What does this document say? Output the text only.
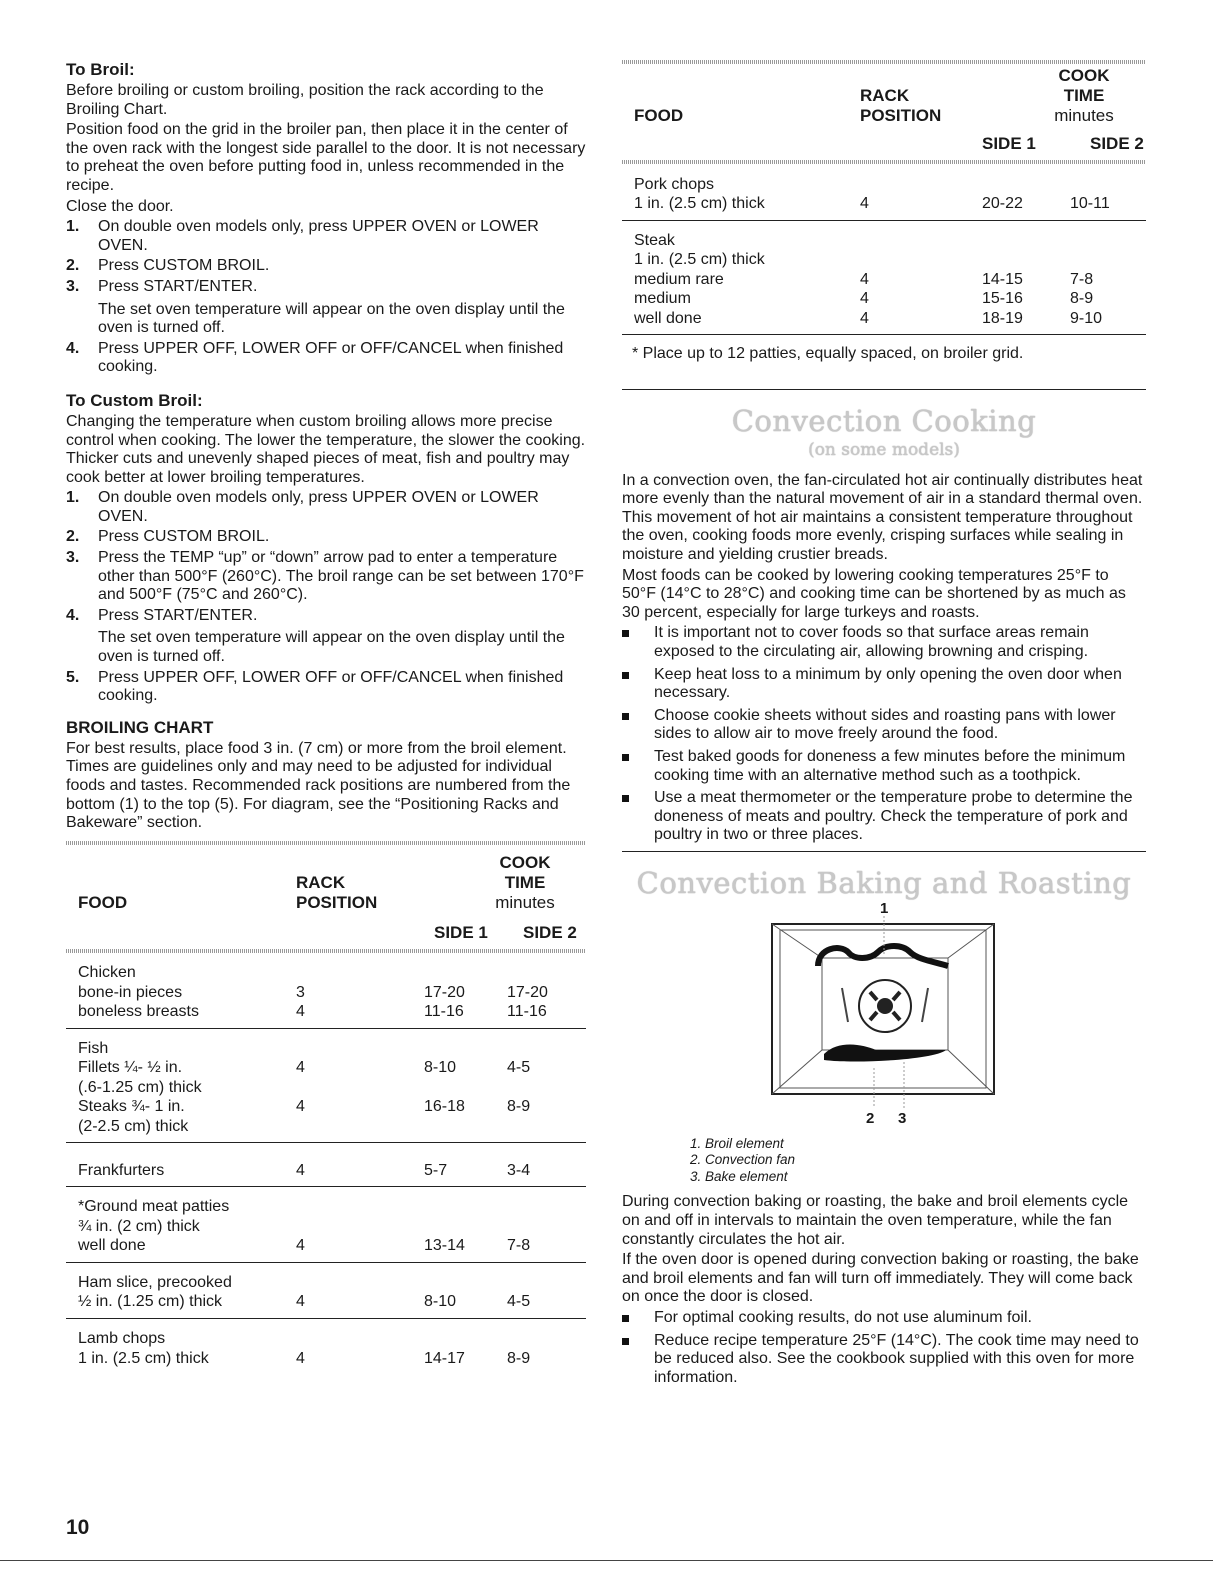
To Broil:

Before broiling or custom broiling, position the rack according to the Broiling Chart.

Position food on the grid in the broiler pan, then place it in the center of the oven rack with the longest side parallel to the door. It is not necessary to preheat the oven before putting food in, unless recommended in the recipe.

Close the door.

1. On double oven models only, press UPPER OVEN or LOWER OVEN.
2. Press CUSTOM BROIL.
3. Press START/ENTER.
The set oven temperature will appear on the oven display until the oven is turned off.
4. Press UPPER OFF, LOWER OFF or OFF/CANCEL when finished cooking.
To Custom Broil:

Changing the temperature when custom broiling allows more precise control when cooking. The lower the temperature, the slower the cooking. Thicker cuts and unevenly shaped pieces of meat, fish and poultry may cook better at lower broiling temperatures.

1. On double oven models only, press UPPER OVEN or LOWER OVEN.
2. Press CUSTOM BROIL.
3. Press the TEMP “up” or “down” arrow pad to enter a temperature other than 500°F (260°C). The broil range can be set between 170°F and 500°F (75°C and 260°C).
4. Press START/ENTER.
The set oven temperature will appear on the oven display until the oven is turned off.
5. Press UPPER OFF, LOWER OFF or OFF/CANCEL when finished cooking.
BROILING CHART

For best results, place food 3 in. (7 cm) or more from the broil element. Times are guidelines only and may need to be adjusted for individual foods and tastes. Recommended rack positions are numbered from the bottom (1) to the top (5). For diagram, see the “Positioning Racks and Bakeware” section.

		COOK	
	RACK	TIME	
FOOD	POSITION	minutes	
		SIDE 1	SIDE 2

Chicken			
bone-in pieces	3	17-20	17-20
boneless breasts	4	11-16	11-16
Fish			
Fillets ¼- ½ in.	4	8-10	4-5
(.6-1.25 cm) thick			
Steaks ¾- 1 in.	4	16-18	8-9
(2-2.5 cm) thick			
Frankfurters	4	5-7	3-4
*Ground meat patties			
¾ in. (2 cm) thick			
well done	4	13-14	7-8
Ham slice, precooked			
½ in. (1.25 cm) thick	4	8-10	4-5
Lamb chops			
1 in. (2.5 cm) thick	4	14-17	8-9
		COOK	
	RACK	TIME	
FOOD	POSITION	minutes	
		SIDE 1	SIDE 2

Pork chops			
1 in. (2.5 cm) thick	4	20-22	10-11
Steak			
1 in. (2.5 cm) thick			
medium rare	4	14-15	7-8
medium	4	15-16	8-9
well done	4	18-19	9-10

* Place up to 12 patties, equally spaced, on broiler grid.

Convection Cooking
(on some models)

In a convection oven, the fan-circulated hot air continually distributes heat more evenly than the natural movement of air in a standard thermal oven. This movement of hot air maintains a consistent temperature throughout the oven, cooking foods more evenly, crisping surfaces while sealing in moisture and yielding crustier breads.

Most foods can be cooked by lowering cooking temperatures 25°F to 50°F (14°C to 28°C) and cooking time can be shortened by as much as 30 percent, especially for large turkeys and roasts.

It is important not to cover foods so that surface areas remain exposed to the circulating air, allowing browning and crisping.
Keep heat loss to a minimum by only opening the oven door when necessary.
Choose cookie sheets without sides and roasting pans with lower sides to allow air to move freely around the food.
Test baked goods for doneness a few minutes before the minimum cooking time with an alternative method such as a toothpick.
Use a meat thermometer or the temperature probe to determine the doneness of meats and poultry. Check the temperature of pork and poultry in two or three places.
Convection Baking and Roasting
1
2 3
1. Broil element
2. Convection fan
3. Bake element

During convection baking or roasting, the bake and broil elements cycle on and off in intervals to maintain the oven temperature, while the fan constantly circulates the hot air.

If the oven door is opened during convection baking or roasting, the bake and broil elements and fan will turn off immediately. They will come back on once the door is closed.

For optimal cooking results, do not use aluminum foil.
Reduce recipe temperature 25°F (14°C). The cook time may need to be reduced also. See the cookbook supplied with this oven for more information.
10
